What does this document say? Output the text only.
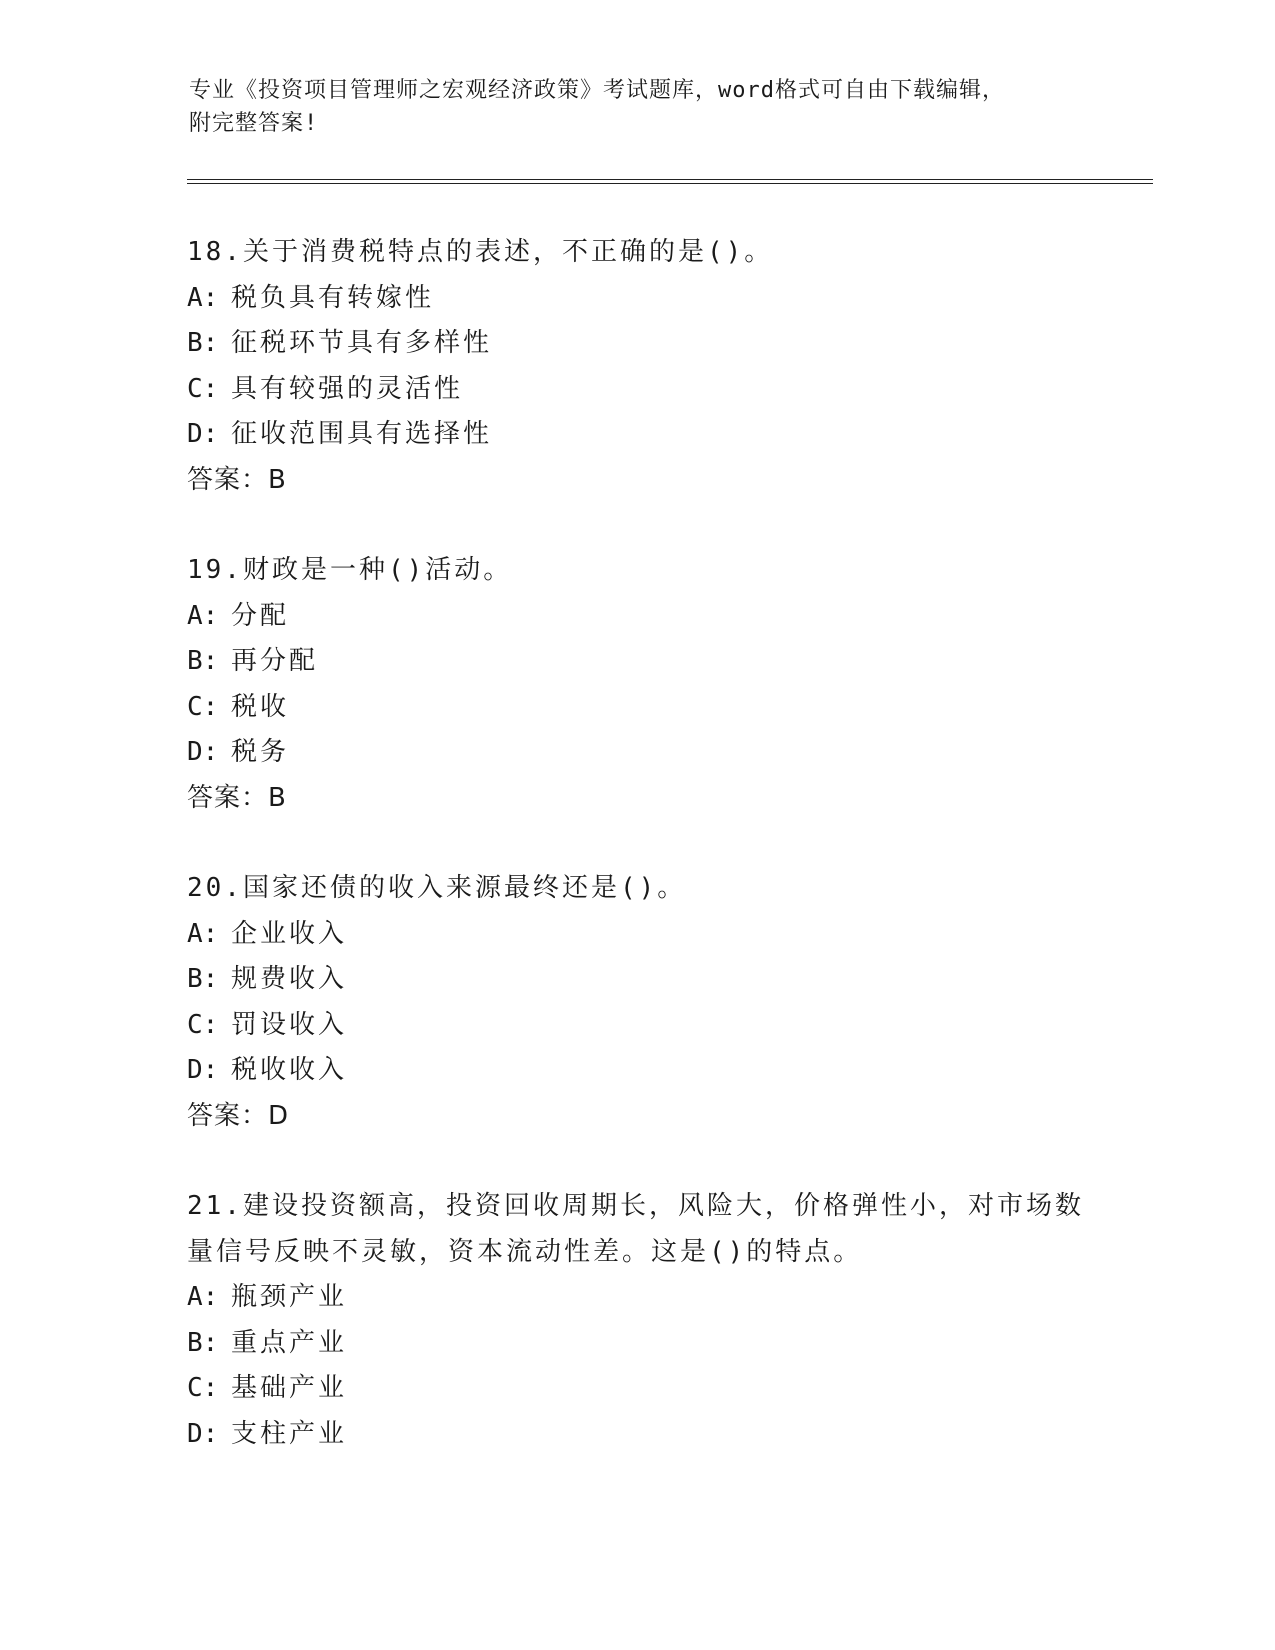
专业《投资项目管理师之宏观经济政策》考试题库，word格式可自由下载编辑，
附完整答案!
18.关于消费税特点的表述，不正确的是()。
A: 税负具有转嫁性
B: 征税环节具有多样性
C: 具有较强的灵活性
D: 征收范围具有选择性
答案：B
19.财政是一种()活动。
A: 分配
B: 再分配
C: 税收
D: 税务
答案：B
20.国家还债的收入来源最终还是()。
A: 企业收入
B: 规费收入
C: 罚设收入
D: 税收收入
答案：D
21.建设投资额高，投资回收周期长，风险大，价格弹性小，对市场数
量信号反映不灵敏，资本流动性差。这是()的特点。
A: 瓶颈产业
B: 重点产业
C: 基础产业
D: 支柱产业
